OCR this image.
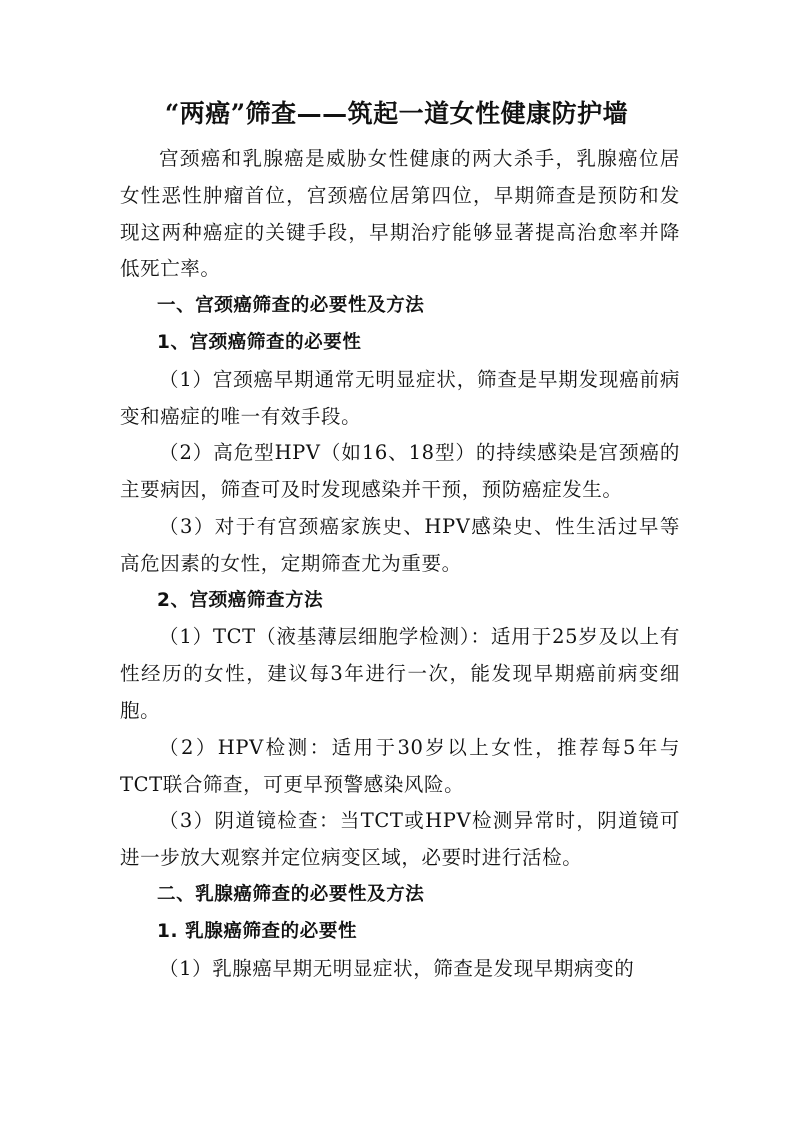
“两癌”筛查——筑起一道女性健康防护墙

宫颈癌和乳腺癌是威胁女性健康的两大杀手，乳腺癌位居女性恶性肿瘤首位，宫颈癌位居第四位，早期筛查是预防和发现这两种癌症的关键手段，早期治疗能够显著提高治愈率并降低死亡率。

一、宫颈癌筛查的必要性及方法

1、宫颈癌筛查的必要性

（1）宫颈癌早期通常无明显症状，筛查是早期发现癌前病变和癌症的唯一有效手段。

（2）高危型HPV（如16、18型）的持续感染是宫颈癌的主要病因，筛查可及时发现感染并干预，预防癌症发生。

（3）对于有宫颈癌家族史、HPV感染史、性生活过早等高危因素的女性，定期筛查尤为重要。

2、宫颈癌筛查方法

（1）TCT（液基薄层细胞学检测）：适用于25岁及以上有性经历的女性，建议每3年进行一次，能发现早期癌前病变细胞。

（2）HPV检测：适用于30岁以上女性，推荐每5年与TCT联合筛查，可更早预警感染风险。

（3）阴道镜检查：当TCT或HPV检测异常时，阴道镜可进一步放大观察并定位病变区域，必要时进行活检。

二、乳腺癌筛查的必要性及方法

1. 乳腺癌筛查的必要性

（1）乳腺癌早期无明显症状，筛查是发现早期病变的
